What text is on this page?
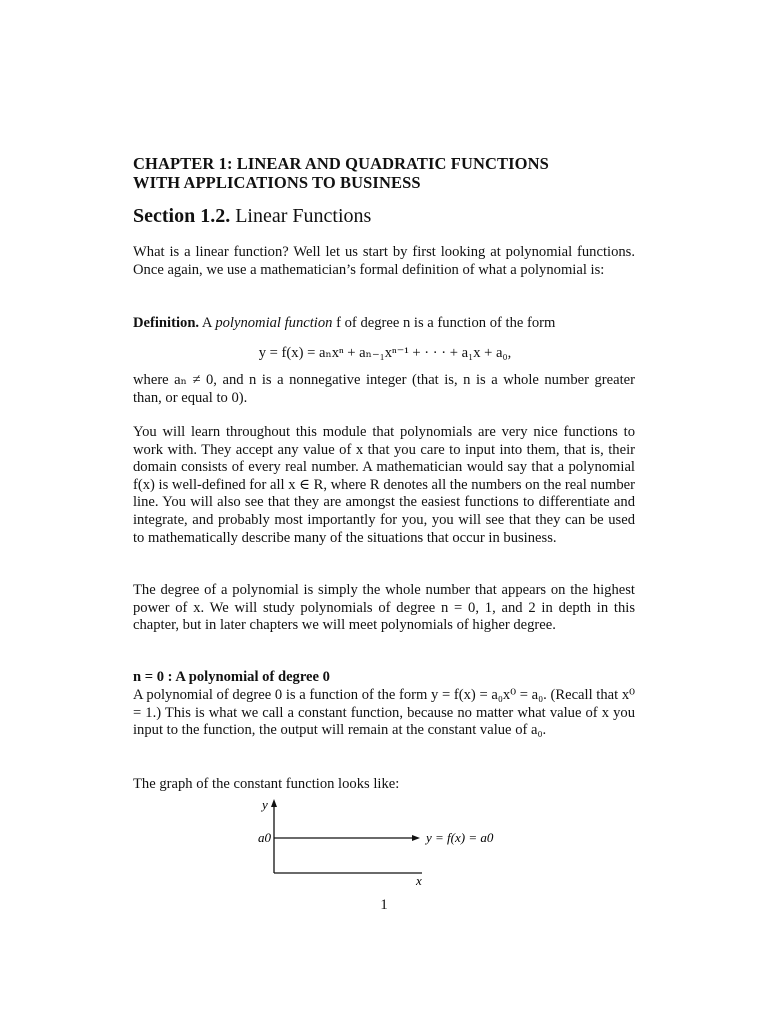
CHAPTER 1: LINEAR AND QUADRATIC FUNCTIONS
WITH APPLICATIONS TO BUSINESS
Section 1.2. Linear Functions
What is a linear function? Well let us start by first looking at polynomial functions. Once again, we use a mathematician’s formal definition of what a polynomial is:
Definition. A polynomial function f of degree n is a function of the form
y = f(x) = aₙxⁿ + aₙ₋₁xⁿ⁻¹ + · · · + a₁x + a₀,
where aₙ ≠ 0, and n is a nonnegative integer (that is, n is a whole number greater than, or equal to 0).
You will learn throughout this module that polynomials are very nice functions to work with. They accept any value of x that you care to input into them, that is, their domain consists of every real number. A mathematician would say that a polynomial f(x) is well-defined for all x ∈ R, where R denotes all the numbers on the real number line. You will also see that they are amongst the easiest functions to differentiate and integrate, and probably most importantly for you, you will see that they can be used to mathematically describe many of the situations that occur in business.
The degree of a polynomial is simply the whole number that appears on the highest power of x. We will study polynomials of degree n = 0, 1, and 2 in depth in this chapter, but in later chapters we will meet polynomials of higher degree.
n = 0 : A polynomial of degree 0
A polynomial of degree 0 is a function of the form y = f(x) = a₀x⁰ = a₀. (Recall that x⁰ = 1.) This is what we call a constant function, because no matter what value of x you input to the function, the output will remain at the constant value of a₀.
The graph of the constant function looks like:
y
x
a0	y = f(x) = a0
1
